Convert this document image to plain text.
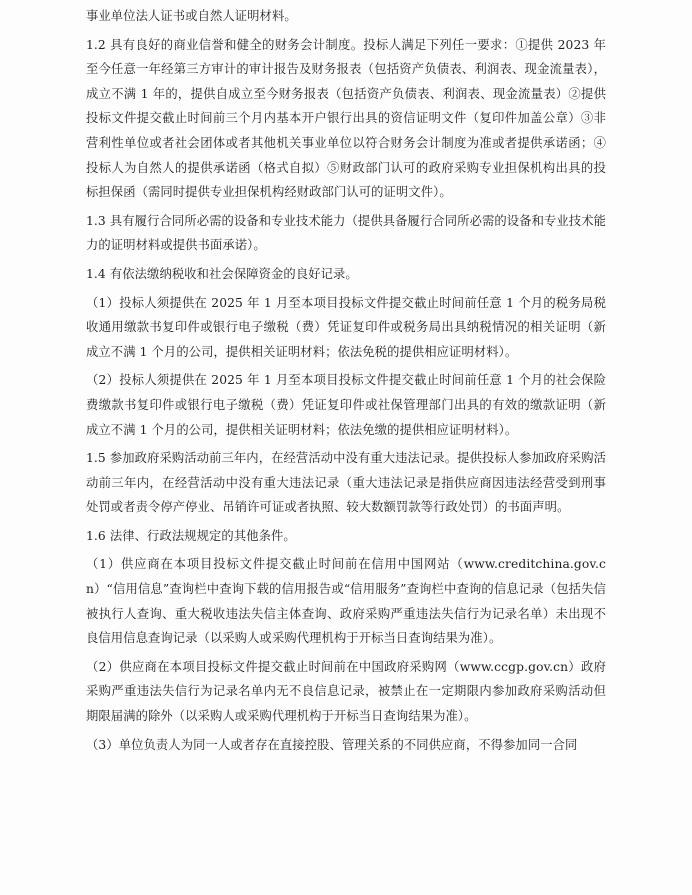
事业单位法人证书或自然人证明材料。

1.2 具有良好的商业信誉和健全的财务会计制度。投标人满足下列任一要求：①提供 2023 年至今任意一年经第三方审计的审计报告及财务报表（包括资产负债表、利润表、现金流量表），成立不满 1 年的，提供自成立至今财务报表（包括资产负债表、利润表、现金流量表）②提供投标文件提交截止时间前三个月内基本开户银行出具的资信证明文件（复印件加盖公章）③非营利性单位或者社会团体或者其他机关事业单位以符合财务会计制度为准或者提供承诺函；④投标人为自然人的提供承诺函（格式自拟）⑤财政部门认可的政府采购专业担保机构出具的投标担保函（需同时提供专业担保机构经财政部门认可的证明文件）。

1.3 具有履行合同所必需的设备和专业技术能力（提供具备履行合同所必需的设备和专业技术能力的证明材料或提供书面承诺）。

1.4 有依法缴纳税收和社会保障资金的良好记录。

（1）投标人须提供在 2025 年 1 月至本项目投标文件提交截止时间前任意 1 个月的税务局税收通用缴款书复印件或银行电子缴税（费）凭证复印件或税务局出具纳税情况的相关证明（新成立不满 1 个月的公司，提供相关证明材料；依法免税的提供相应证明材料）。

（2）投标人须提供在 2025 年 1 月至本项目投标文件提交截止时间前任意 1 个月的社会保险费缴款书复印件或银行电子缴税（费）凭证复印件或社保管理部门出具的有效的缴款证明（新成立不满 1 个月的公司，提供相关证明材料；依法免缴的提供相应证明材料）。

1.5 参加政府采购活动前三年内，在经营活动中没有重大违法记录。提供投标人参加政府采购活动前三年内，在经营活动中没有重大违法记录（重大违法记录是指供应商因违法经营受到刑事处罚或者责令停产停业、吊销许可证或者执照、较大数额罚款等行政处罚）的书面声明。

1.6 法律、行政法规规定的其他条件。

（1）供应商在本项目投标文件提交截止时间前在信用中国网站（www.creditchina.gov.cn）“信用信息”查询栏中查询下载的信用报告或“信用服务”查询栏中查询的信息记录（包括失信被执行人查询、重大税收违法失信主体查询、政府采购严重违法失信行为记录名单）未出现不良信用信息查询记录（以采购人或采购代理机构于开标当日查询结果为准）。

（2）供应商在本项目投标文件提交截止时间前在中国政府采购网（www.ccgp.gov.cn）政府采购严重违法失信行为记录名单内无不良信息记录，被禁止在一定期限内参加政府采购活动但期限届满的除外（以采购人或采购代理机构于开标当日查询结果为准）。

（3）单位负责人为同一人或者存在直接控股、管理关系的不同供应商，不得参加同一合同
